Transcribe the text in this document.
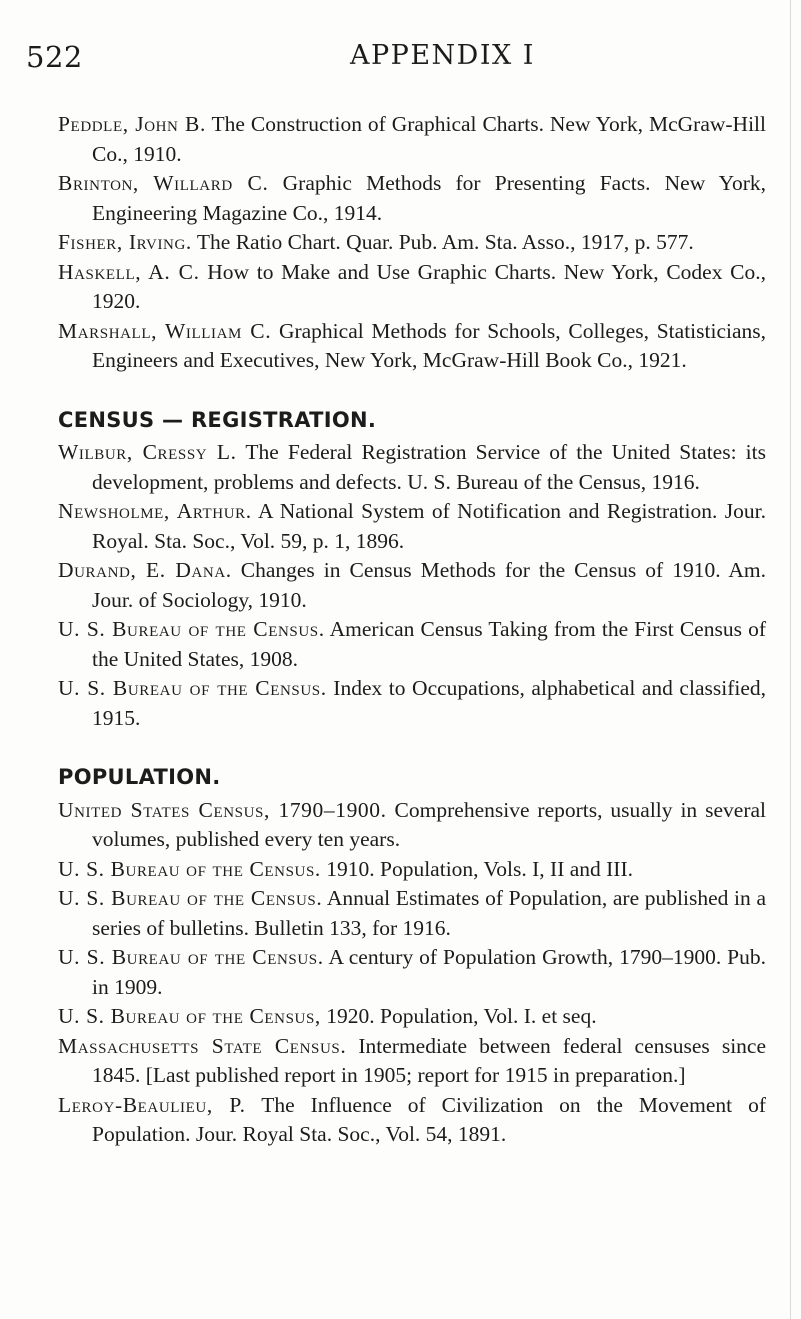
522	APPENDIX I

Peddle, John B. The Construction of Graphical Charts. New York, McGraw-Hill Co., 1910.

Brinton, Willard C. Graphic Methods for Presenting Facts. New York, Engineering Magazine Co., 1914.

Fisher, Irving. The Ratio Chart. Quar. Pub. Am. Sta. Asso., 1917, p. 577.

Haskell, A. C. How to Make and Use Graphic Charts. New York, Codex Co., 1920.

Marshall, William C. Graphical Methods for Schools, Colleges, Statisticians, Engineers and Executives, New York, McGraw-Hill Book Co., 1921.

CENSUS — REGISTRATION.

Wilbur, Cressy L. The Federal Registration Service of the United States: its development, problems and defects. U. S. Bureau of the Census, 1916.

Newsholme, Arthur. A National System of Notification and Registration. Jour. Royal. Sta. Soc., Vol. 59, p. 1, 1896.

Durand, E. Dana. Changes in Census Methods for the Census of 1910. Am. Jour. of Sociology, 1910.

U. S. Bureau of the Census. American Census Taking from the First Census of the United States, 1908.

U. S. Bureau of the Census. Index to Occupations, alphabetical and classified, 1915.

POPULATION.

United States Census, 1790–1900. Comprehensive reports, usually in several volumes, published every ten years.

U. S. Bureau of the Census. 1910. Population, Vols. I, II and III.

U. S. Bureau of the Census. Annual Estimates of Population, are published in a series of bulletins. Bulletin 133, for 1916.

U. S. Bureau of the Census. A century of Population Growth, 1790–1900. Pub. in 1909.

U. S. Bureau of the Census, 1920. Population, Vol. I. et seq.

Massachusetts State Census. Intermediate between federal censuses since 1845. [Last published report in 1905; report for 1915 in preparation.]

Leroy-Beaulieu, P. The Influence of Civilization on the Movement of Population. Jour. Royal Sta. Soc., Vol. 54, 1891.
